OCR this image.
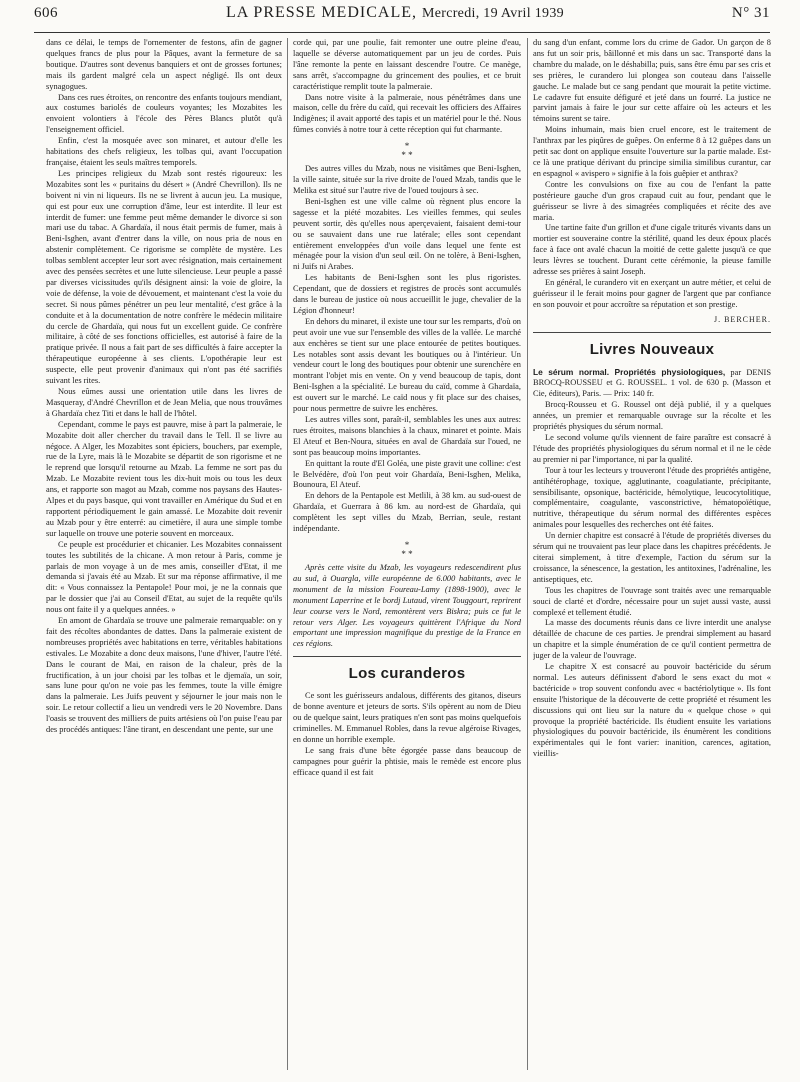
606	LA PRESSE MEDICALE, Mercredi, 19 Avril 1939	N° 31

dans ce délai, le temps de l'ornementer de festons, afin de gagner quelques francs de plus pour la Pâques, avant la fermeture de sa boutique. D'autres sont devenus banquiers et ont de grosses fortunes; mais ils gardent malgré cela un aspect négligé. Ils ont deux synagogues.

Dans ces rues étroites, on rencontre des enfants toujours mendiant, aux costumes bariolés de couleurs voyantes; les Mozabites les envoient volontiers à l'école des Pères Blancs plutôt qu'à l'enseignement officiel.

Enfin, c'est la mosquée avec son minaret, et autour d'elle les habitations des chefs religieux, les tolbas qui, avant l'occupation française, étaient les seuls maîtres temporels.

Les principes religieux du Mzab sont restés rigoureux: les Mozabites sont les « puritains du désert » (André Chevrillon). Ils ne boivent ni vin ni liqueurs. Ils ne se livrent à aucun jeu. La musique, qui est pour eux une corruption d'âme, leur est interdite. Il leur est interdit de fumer: une femme peut même demander le divorce si son mari use du tabac. A Ghardaïa, il nous était permis de fumer, mais à Beni-Isghen, avant d'entrer dans la ville, on nous pria de nous en abstenir complètement. Ce rigorisme se complète de mystère. Les tolbas semblent accepter leur sort avec résignation, mais certainement avec des pensées secrètes et une lutte silencieuse. Leur peuple a passé par diverses vicissitudes qu'ils désignent ainsi: la voie de gloire, la voie de défense, la voie de dévouement, et maintenant c'est la voie du secret. Si nous pûmes pénétrer un peu leur mentalité, c'est grâce à la conduite et à la documentation de notre confrère le médecin militaire du cercle de Ghardaïa, qui nous fut un excellent guide. Ce confrère militaire, à côté de ses fonctions officielles, est autorisé à faire de la pratique privée. Il nous a fait part de ses difficultés à faire accepter la thérapeutique européenne à ses clients. L'opothérapie leur est suspecte, elle peut provenir d'animaux qui n'ont pas été sacrifiés suivant les rites.

Nous eûmes aussi une orientation utile dans les livres de Masqueray, d'André Chevrillon et de Jean Melia, que nous trouvâmes à Ghardaïa chez Titi et dans le hall de l'hôtel.

Cependant, comme le pays est pauvre, mise à part la palmeraie, le Mozabite doit aller chercher du travail dans le Tell. Il se livre au négoce. A Alger, les Mozabites sont épiciers, bouchers, par exemple, rue de la Lyre, mais là le Mozabite se départit de son rigorisme et ne le reprend que lorsqu'il retourne au Mzab. La femme ne sort pas du Mzab. Le Mozabite revient tous les dix-huit mois ou tous les deux ans, et rapporte son magot au Mzab, comme nos paysans des Hautes-Alpes et du pays basque, qui vont travailler en Amérique du Sud et en rapportent périodiquement le gain amassé. Le Mozabite doit revenir au Mzab pour y être enterré: au cimetière, il aura une simple tombe sur laquelle on trouve une poterie souvent en morceaux.

Ce peuple est procédurier et chicanier. Les Mozabites connaissent toutes les subtilités de la chicane. A mon retour à Paris, comme je parlais de mon voyage à un de mes amis, conseiller d'Etat, il me demanda si j'avais été au Mzab. Et sur ma réponse affirmative, il me dit: « Vous connaissez la Pentapole! Pour moi, je ne la connais que par le dossier que j'ai au Conseil d'Etat, au sujet de la requête qu'ils nous ont faite il y a quelques années. »

En amont de Ghardaïa se trouve une palmeraie remarquable: on y fait des récoltes abondantes de dattes. Dans la palmeraie existent de nombreuses propriétés avec habitations en terre, véritables habitations estivales. Le Mozabite a donc deux maisons, l'une d'hiver, l'autre l'été. Dans le courant de Mai, en raison de la chaleur, près de la fructification, à un jour choisi par les tolbas et le djemaïa, un soir, sans lune pour qu'on ne voie pas les femmes, toute la ville émigre dans la palmeraie. Les Juifs peuvent y séjourner le jour mais non le soir. Le retour collectif a lieu un vendredi vers le 20 Novembre. Dans l'oasis se trouvent des milliers de puits artésiens où l'on puise l'eau par des procédés antiques: l'âne tirant, en descendant une pente, sur une

corde qui, par une poulie, fait remonter une outre pleine d'eau, laquelle se déverse automatiquement par un jeu de cordes. Puis l'âne remonte la pente en laissant descendre l'outre. Ce manège, sans arrêt, s'accompagne du grincement des poulies, et ce bruit caractéristique remplit toute la palmeraie.

Dans notre visite à la palmeraie, nous pénétrâmes dans une maison, celle du frère du caïd, qui recevait les officiers des Affaires Indigènes; il avait apporté des tapis et un matériel pour le thé. Nous fûmes conviés à notre tour à cette réception qui fut charmante.

*
* *

Des autres villes du Mzab, nous ne visitâmes que Beni-Isghen, la ville sainte, située sur la rive droite de l'oued Mzab, tandis que le Melika est situé sur l'autre rive de l'oued toujours à sec.

Beni-Isghen est une ville calme où règnent plus encore la sagesse et la piété mozabites. Les vieilles femmes, qui seules peuvent sortir, dès qu'elles nous aperçevaient, faisaient demi-tour ou se sauvaient dans une rue latérale; elles sont cependant entièrement enveloppées d'un voile dans lequel une fente est ménagée pour la vision d'un seul œil. On ne tolère, à Beni-Isghen, ni Juifs ni Arabes.

Les habitants de Beni-Isghen sont les plus rigoristes. Cependant, que de dossiers et registres de procès sont accumulés dans le bureau de justice où nous accueillit le juge, chevalier de la Légion d'honneur!

En dehors du minaret, il existe une tour sur les remparts, d'où on peut avoir une vue sur l'ensemble des villes de la vallée. Le marché aux enchères se tient sur une place entourée de petites boutiques. Les notables sont assis devant les boutiques ou à l'intérieur. Un vendeur court le long des boutiques pour obtenir une surenchère en montrant l'objet mis en vente. On y vend beaucoup de tapis, dont Beni-Isghen a la spécialité. Le bureau du caïd, comme à Ghardaïa, est ouvert sur le marché. Le caïd nous y fit place sur des chaises, pour nous permettre de suivre les enchères.

Les autres villes sont, paraît-il, semblables les unes aux autres: rues étroites, maisons blanchies à la chaux, minaret et pointe. Mais El Ateuf et Ben-Noura, situées en aval de Ghardaïa sur l'oued, ne sont pas beaucoup moins importantes.

En quittant la route d'El Goléa, une piste gravit une colline: c'est le Belvédère, d'où l'on peut voir Ghardaïa, Beni-Isghen, Melika, Bounoura, El Ateuf.

En dehors de la Pentapole est Metlili, à 38 km. au sud-ouest de Ghardaïa, et Guerrara à 86 km. au nord-est de Ghardaïa, qui complètent les sept villes du Mzab, Berrian, seule, restant indépendante.

*
* *

Après cette visite du Mzab, les voyageurs redescendirent plus au sud, à Ouargla, ville européenne de 6.000 habitants, avec le monument de la mission Foureau-Lamy (1898-1900), avec le monument Laperrine et le bordj Lutaud, virent Touggourt, reprirent leur course vers le Nord, remontèrent vers Biskra; puis ce fut le retour vers Alger. Les voyageurs quittèrent l'Afrique du Nord emportant une impression magnifique du prestige de la France en ces régions.

Los curanderos

Ce sont les guérisseurs andalous, différents des gitanos, diseurs de bonne aventure et jeteurs de sorts. S'ils opèrent au nom de Dieu ou de quelque saint, leurs pratiques n'en sont pas moins quelquefois criminelles. M. Emmanuel Robles, dans la revue algéroise Rivages, en donne un horrible exemple.

Le sang frais d'une bête égorgée passe dans beaucoup de campagnes pour guérir la phtisie, mais le remède est encore plus efficace quand il est fait

du sang d'un enfant, comme lors du crime de Gador. Un garçon de 8 ans fut un soir pris, bâillonné et mis dans un sac. Transporté dans la chambre du malade, on le déshabilla; puis, sans être ému par ses cris et ses prières, le curandero lui plongea son couteau dans l'aisselle gauche. Le malade but ce sang pendant que mourait la petite victime. Le cadavre fut ensuite défiguré et jeté dans un fourré. La justice ne parvint jamais à faire le jour sur cette affaire où les acteurs et les témoins surent se taire.

Moins inhumain, mais bien cruel encore, est le traitement de l'anthrax par les piqûres de guêpes. On enferme 8 à 12 guêpes dans un petit sac dont on applique ensuite l'ouverture sur la partie malade. Est-ce là une pratique dérivant du principe similia similibus curantur, car en espagnol « avispero » signifie à la fois guêpier et anthrax?

Contre les convulsions on fixe au cou de l'enfant la patte postérieure gauche d'un gros crapaud cuit au four, pendant que le guérisseur se livre à des simagrées compliquées et récite des ave maria.

Une tartine faite d'un grillon et d'une cigale triturés vivants dans un mortier est souveraine contre la stérilité, quand les deux époux placés face à face ont avalé chacun la moitié de cette galette jusqu'à ce que leurs lèvres se touchent. Durant cette cérémonie, la pieuse famille adresse ses prières à saint Joseph.

En général, le curandero vit en exerçant un autre métier, et celui de guérisseur il le ferait moins pour gagner de l'argent que par confiance en son pouvoir et pour accroître sa réputation et son prestige.

J. BERCHER.
Livres Nouveaux

Le sérum normal. Propriétés physiologiques, par DENIS BROCQ-ROUSSEU et G. ROUSSEL. 1 vol. de 630 p. (Masson et Cie, éditeurs), Paris. — Prix: 140 fr.

Brocq-Rousseu et G. Roussel ont déjà publié, il y a quelques années, un premier et remarquable ouvrage sur la récolte et les propriétés physiques du sérum normal.

Le second volume qu'ils viennent de faire paraître est consacré à l'étude des propriétés physiologiques du sérum normal et il ne le cède au premier ni par l'importance, ni par la qualité.

Tour à tour les lecteurs y trouveront l'étude des propriétés antigène, antihétérophage, toxique, agglutinante, coagulatiante, précipitante, sensibilisante, opsonique, bactéricide, hémolytique, leucocytolitique, complémentaire, coagulante, vasconstrictive, hématopoïétique, nutritive, thérapeutique du sérum normal des différentes espèces animales pour lesquelles des recherches ont été faites.

Un dernier chapitre est consacré à l'étude de propriétés diverses du sérum qui ne trouvaient pas leur place dans les chapitres précédents. Je citerai simplement, à titre d'exemple, l'action du sérum sur la croissance, la sénescence, la gestation, les antitoxines, l'adrénaline, les antiseptiques, etc.

Tous les chapitres de l'ouvrage sont traités avec une remarquable souci de clarté et d'ordre, nécessaire pour un sujet aussi vaste, aussi complexé et tellement étudié.

La masse des documents réunis dans ce livre interdit une analyse détaillée de chacune de ces parties. Je prendrai simplement au hasard un chapitre et la simple énumération de ce qu'il contient permettra de juger de la valeur de l'ouvrage.

Le chapitre X est consacré au pouvoir bactéricide du sérum normal. Les auteurs définissent d'abord le sens exact du mot « bactéricide » trop souvent confondu avec « bactériolytique ». Ils font ensuite l'historique de la découverte de cette propriété et résument les discussions qui ont lieu sur la nature du « quelque chose » qui provoque la propriété bactéricide. Ils étudient ensuite les variations physiologiques du pouvoir bactéricide, ils énumèrent les conditions expérimentales qui le font varier: inanition, carences, agitation, vieillis-
